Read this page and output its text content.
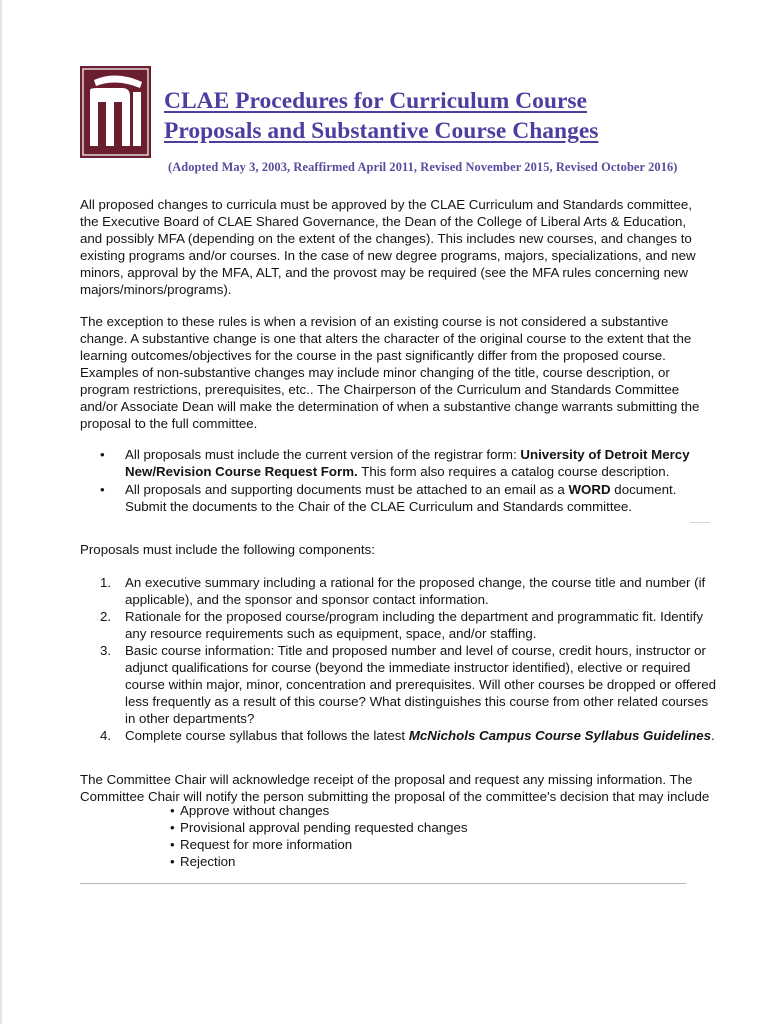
CLAE Procedures for Curriculum Course
Proposals and Substantive Course Changes
(Adopted May 3, 2003, Reaffirmed April 2011, Revised November 2015, Revised October 2016)

All proposed changes to curricula must be approved by the CLAE Curriculum and Standards committee, the Executive Board of CLAE Shared Governance, the Dean of the College of Liberal Arts & Education, and possibly MFA (depending on the extent of the changes). This includes new courses, and changes to existing programs and/or courses. In the case of new degree programs, majors, specializations, and new minors, approval by the MFA, ALT, and the provost may be required (see the MFA rules concerning new majors/minors/programs).

The exception to these rules is when a revision of an existing course is not considered a substantive change. A substantive change is one that alters the character of the original course to the extent that the learning outcomes/objectives for the course in the past significantly differ from the proposed course. Examples of non-substantive changes may include minor changing of the title, course description, or program restrictions, prerequisites, etc.. The Chairperson of the Curriculum and Standards Committee and/or Associate Dean will make the determination of when a substantive change warrants submitting the proposal to the full committee.

• All proposals must include the current version of the registrar form: University of Detroit Mercy New/Revision Course Request Form. This form also requires a catalog course description.
• All proposals and supporting documents must be attached to an email as a WORD document. Submit the documents to the Chair of the CLAE Curriculum and Standards committee.
Proposals must include the following components:
1. An executive summary including a rational for the proposed change, the course title and number (if applicable), and the sponsor and sponsor contact information.
2. Rationale for the proposed course/program including the department and programmatic fit. Identify any resource requirements such as equipment, space, and/or staffing.
3. Basic course information: Title and proposed number and level of course, credit hours, instructor or adjunct qualifications for course (beyond the immediate instructor identified), elective or required course within major, minor, concentration and prerequisites. Will other courses be dropped or offered less frequently as a result of this course? What distinguishes this course from other related courses in other departments?
4. Complete course syllabus that follows the latest McNichols Campus Course Syllabus Guidelines.

The Committee Chair will acknowledge receipt of the proposal and request any missing information. The Committee Chair will notify the person submitting the proposal of the committee's decision that may include

• Approve without changes
• Provisional approval pending requested changes
• Request for more information
• Rejection
